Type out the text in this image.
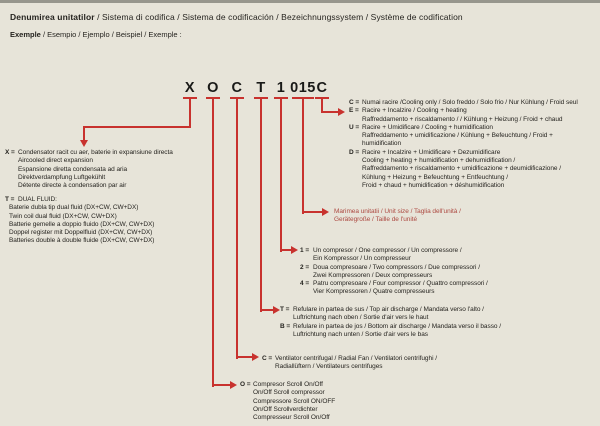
Denumirea unitatilor / Sistema di codifica / Sistema de codificación / Bezeichnungssystem / Système de codification
Exemple / Esempio / Ejemplo / Beispiel / Exemple :
X O C T 1 015 C
X = Condensator racit cu aer, baterie in expansiune directa
Aircooled direct expansion
Espansione diretta condensata ad aria
Direktverdampfung Luftgekühlt
Détente directe à condensation par air
T = DUAL FLUID:
Baterie dubla tip dual fluid (DX+CW, CW+DX)
Twin coil dual fluid (DX+CW, CW+DX)
Batterie gemelle a doppio fluido (DX+CW, CW+DX)
Doppel register mit Doppelfluid (DX+CW, CW+DX)
Batteries double à double fluide (DX+CW, CW+DX)
C = Numai racire /Cooling only / Solo freddo / Solo frio / Nur Kühlung / Froid seul
E = Racire + Incalzire / Cooling + heating
Raffreddamento + riscaldamento / / Kühlung + Heizung / Froid + chaud
U = Racire + Umidificare / Cooling + humidification
Raffreddamento + umidificazione / Kühlung + Befeuchtung / Froid +
humidification
D = Racire + Incalzire + Umidificare + Dezumidificare
Cooling + heating + humidification + dehumidification /
Raffreddamento + riscaldamento + umidificazione + deumidificazione /
Kühlung + Heizung + Befeuchtung + Entfeuchtung /
Froid + chaud + humidification + déshumidification
Marimea unitatii / Unit size / Taglia dell'unità /
Gerätegroße / Taille de l'unité
1 = Un compresor / One compressor / Un compressore /
Ein Kompressor / Un compresseur
2 = Doua compresoare / Two compressors / Due compressori /
Zwei Kompressoren / Deux compresseurs
4 = Patru compresoare / Four compressor / Quattro compressori /
Vier Kompressoren / Quatre compresseurs
T = Refulare in partea de sus / Top air discharge / Mandata verso l'alto /
Luftrichtung nach oben / Sortie d'air vers le haut
B = Refulare in partea de jos / Bottom air discharge / Mandata verso il basso /
Luftrichtung nach unten / Sortie d'air vers le bas
C = Ventilator centrifugal / Radial Fan / Ventilatori centrifughi /
Radiallüftern / Ventilateurs centrifuges
O = Compresor Scroll On/Off
On/Off Scroll compressor
Compressore Scroll ON/OFF
On/Off Scrollverdichter
Compresseur Scroll On/Off
